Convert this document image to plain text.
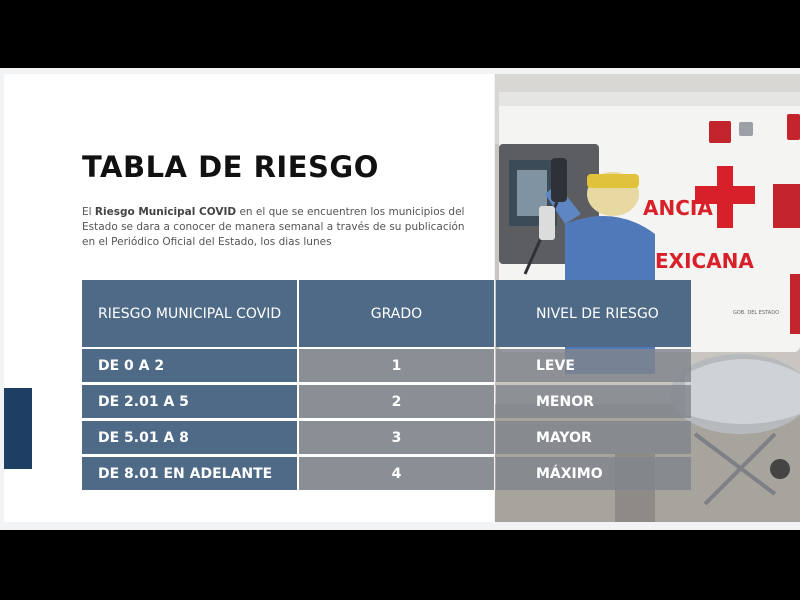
TABLA DE RIESGO

El Riesgo Municipal COVID en el que se encuentren los municipios del Estado se dara a conocer de manera semanal a través de su publicación en el Periódico Oficial del Estado, los dias lunes

ANCIA
EXICANA
GOB. DEL ESTADO
RIESGO MUNICIPAL COVID	GRADO	NIVEL DE RIESGO
DE 0 A 2	1	LEVE
DE 2.01 A 5	2	MENOR
DE 5.01 A 8	3	MAYOR
DE 8.01 EN ADELANTE	4	MÁXIMO
